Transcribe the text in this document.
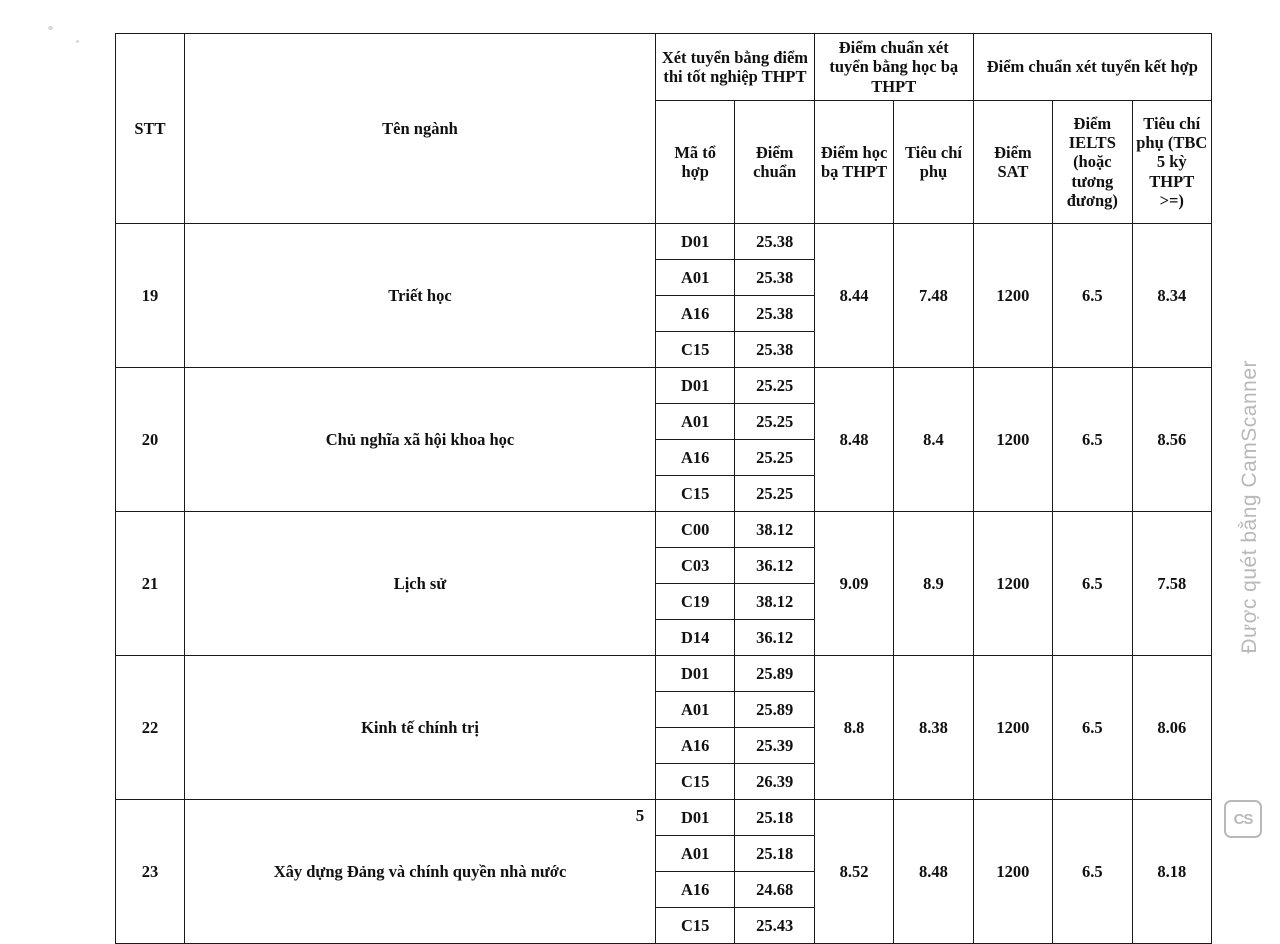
STT	Tên ngành	Xét tuyển bằng điểm thi tốt nghiệp THPT		Điểm chuẩn xét tuyển bằng học bạ THPT		Điểm chuẩn xét tuyển kết hợp		
		Mã tổ hợp	Điểm chuẩn	Điểm học bạ THPT	Tiêu chí phụ	Điểm SAT	Điểm IELTS (hoặc tương đương)	Tiêu chí phụ (TBC 5 kỳ THPT >=)
19	Triết học	D01	25.38	8.44	7.48	1200	6.5	8.34
		A01	25.38					
		A16	25.38					
		C15	25.38					
20	Chủ nghĩa xã hội khoa học	D01	25.25	8.48	8.4	1200	6.5	8.56
		A01	25.25					
		A16	25.25					
		C15	25.25					
21	Lịch sử	C00	38.12	9.09	8.9	1200	6.5	7.58
		C03	36.12					
		C19	38.12					
		D14	36.12					
22	Kinh tế chính trị	D01	25.89	8.8	8.38	1200	6.5	8.06
		A01	25.89					
		A16	25.39					
		C15	26.39					
23	Xây dựng Đảng và chính quyền nhà nước	D01	25.18	8.52	8.48	1200	6.5	8.18
		A01	25.18					
		A16	24.68					
		C15	25.43					
5
Được quét bằng CamScanner
CS
